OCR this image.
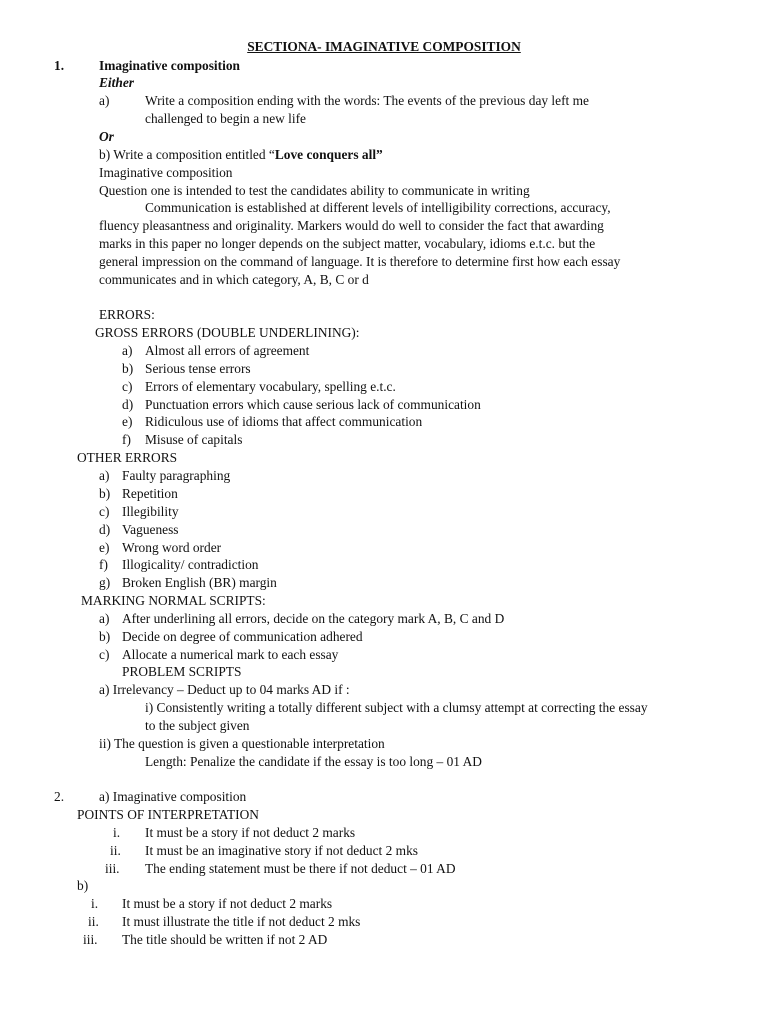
SECTIONA- IMAGINATIVE COMPOSITION
1.	Imaginative composition
Either
a)	Write a composition ending with the words: The events of the previous day left me
challenged to begin a new life
Or
b) Write a composition entitled “Love conquers all”
Imaginative composition
Question one is intended to test the candidates ability to communicate in writing
Communication is established at different levels of intelligibility corrections, accuracy,
fluency pleasantness and originality. Markers would do well to consider the fact that awarding
marks in this paper no longer depends on the subject matter, vocabulary, idioms e.t.c. but the
general impression on the command of language. It is therefore to determine first how each essay
communicates and in which category, A, B, C or d
ERRORS:
GROSS ERRORS (DOUBLE UNDERLINING):
a) Almost all errors of agreement
b) Serious tense errors
c) Errors of elementary vocabulary, spelling e.t.c.
d) Punctuation errors which cause serious lack of communication
e) Ridiculous use of idioms that affect communication
f) Misuse of capitals
OTHER ERRORS
a) Faulty paragraphing
b) Repetition
c) Illegibility
d) Vagueness
e) Wrong word order
f) Illogicality/ contradiction
g) Broken English (BR) margin
MARKING NORMAL SCRIPTS:
a) After underlining all errors, decide on the category mark A, B, C and D
b) Decide on degree of communication adhered
c) Allocate a numerical mark to each essay
PROBLEM SCRIPTS
a) Irrelevancy – Deduct up to 04 marks AD if :
i) Consistently writing a totally different subject with a clumsy attempt at correcting the essay
to the subject given
ii) The question is given a questionable interpretation
Length: Penalize the candidate if the essay is too long – 01 AD
2.	a) Imaginative composition
POINTS OF INTERPRETATION
i. It must be a story if not deduct 2 marks
ii. It must be an imaginative story if not deduct 2 mks
iii. The ending statement must be there if not deduct – 01 AD
b)
i. It must be a story if not deduct 2 marks
ii. It must illustrate the title if not deduct 2 mks
iii. The title should be written if not 2 AD
